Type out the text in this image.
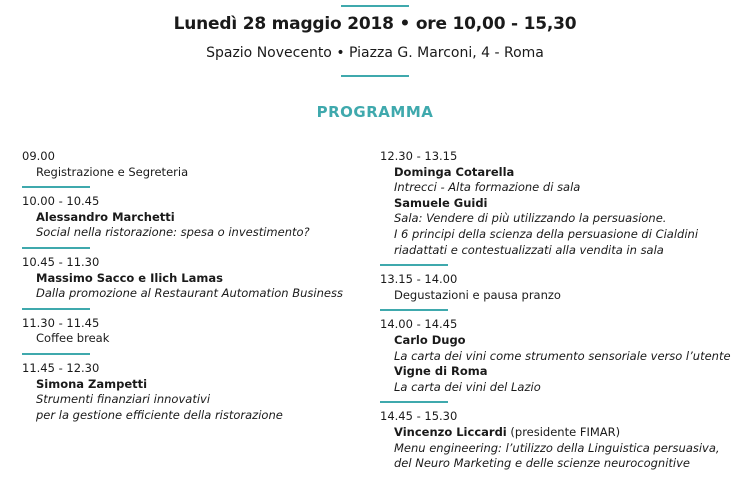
Lunedì 28 maggio 2018 • ore 10,00 - 15,30
Spazio Novecento • Piazza G. Marconi, 4 - Roma
PROGRAMMA
09.00
Registrazione e Segreteria
10.00 - 10.45
Alessandro Marchetti
Social nella ristorazione: spesa o investimento?
10.45 - 11.30
Massimo Sacco e Ilich Lamas
Dalla promozione al Restaurant Automation Business
11.30 - 11.45
Coffee break
11.45 - 12.30
Simona Zampetti
Strumenti finanziari innovativi
per la gestione efficiente della ristorazione
12.30 - 13.15
Dominga Cotarella
Intrecci - Alta formazione di sala
Samuele Guidi
Sala: Vendere di più utilizzando la persuasione.
I 6 principi della scienza della persuasione di Cialdini
riadattati e contestualizzati alla vendita in sala
13.15 - 14.00
Degustazioni e pausa pranzo
14.00 - 14.45
Carlo Dugo
La carta dei vini come strumento sensoriale verso l’utente
Vigne di Roma
La carta dei vini del Lazio
14.45 - 15.30
Vincenzo Liccardi (presidente FIMAR)
Menu engineering: l’utilizzo della Linguistica persuasiva,
del Neuro Marketing e delle scienze neurocognitive
